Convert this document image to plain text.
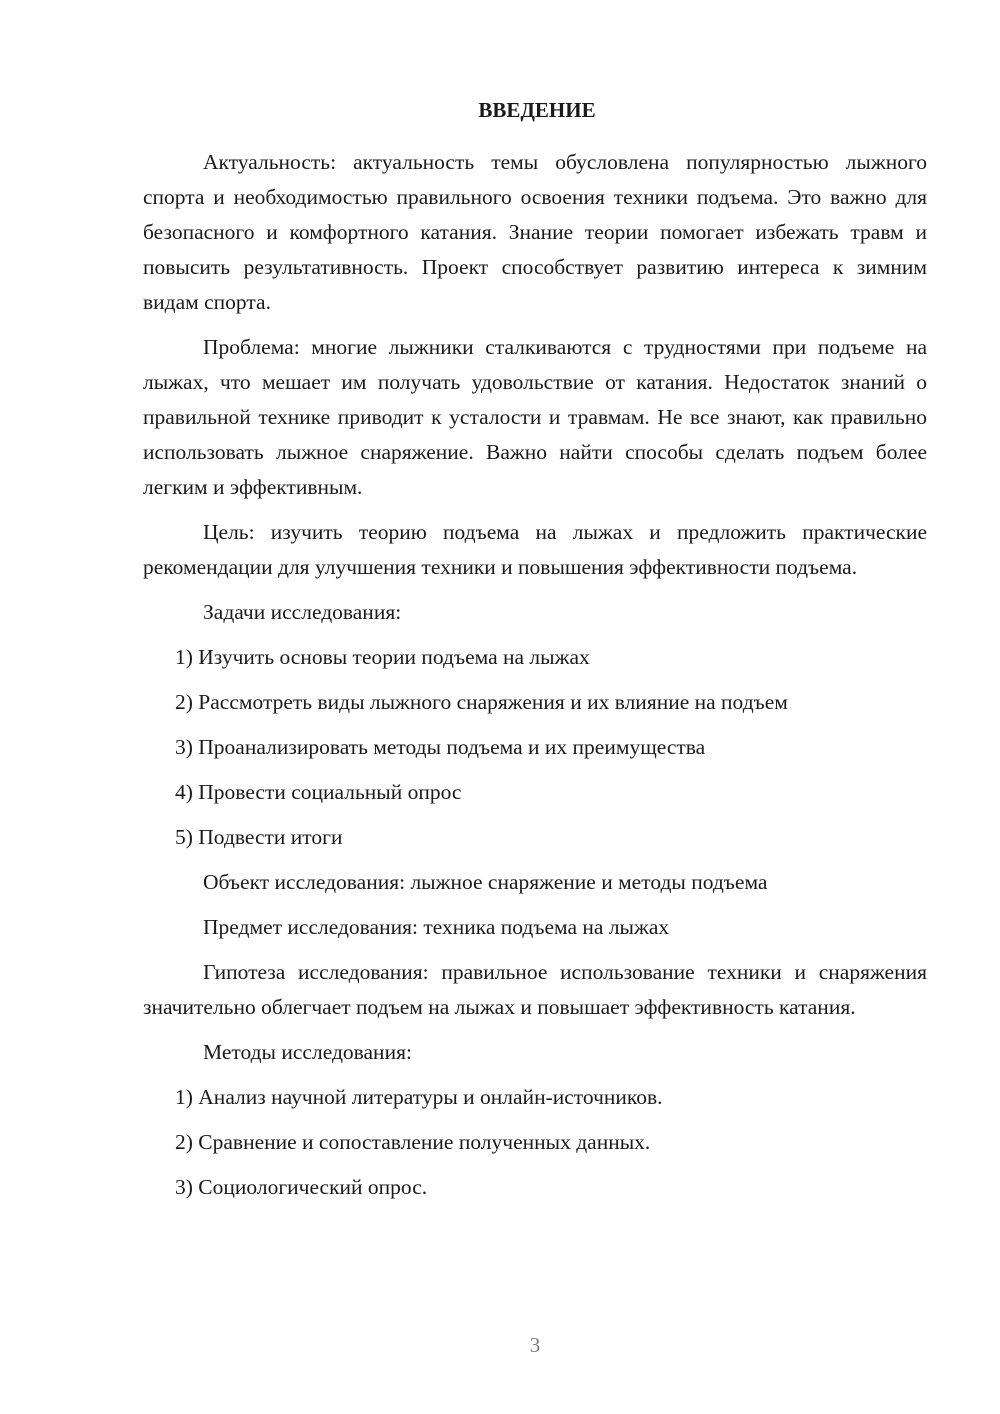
ВВЕДЕНИЕ

Актуальность: актуальность темы обусловлена популярностью лыжного спорта и необходимостью правильного освоения техники подъема. Это важно для безопасного и комфортного катания. Знание теории помогает избежать травм и повысить результативность. Проект способствует развитию интереса к зимним видам спорта.

Проблема: многие лыжники сталкиваются с трудностями при подъеме на лыжах, что мешает им получать удовольствие от катания. Недостаток знаний о правильной технике приводит к усталости и травмам. Не все знают, как правильно использовать лыжное снаряжение. Важно найти способы сделать подъем более легким и эффективным.

Цель: изучить теорию подъема на лыжах и предложить практические рекомендации для улучшения техники и повышения эффективности подъема.

Задачи исследования:

1) Изучить основы теории подъема на лыжах

2) Рассмотреть виды лыжного снаряжения и их влияние на подъем

3) Проанализировать методы подъема и их преимущества

4) Провести социальный опрос

5) Подвести итоги

Объект исследования: лыжное снаряжение и методы подъема

Предмет исследования: техника подъема на лыжах

Гипотеза исследования: правильное использование техники и снаряжения значительно облегчает подъем на лыжах и повышает эффективность катания.

Методы исследования:

1) Анализ научной литературы и онлайн-источников.

2) Сравнение и сопоставление полученных данных.

3) Социологический опрос.

3
